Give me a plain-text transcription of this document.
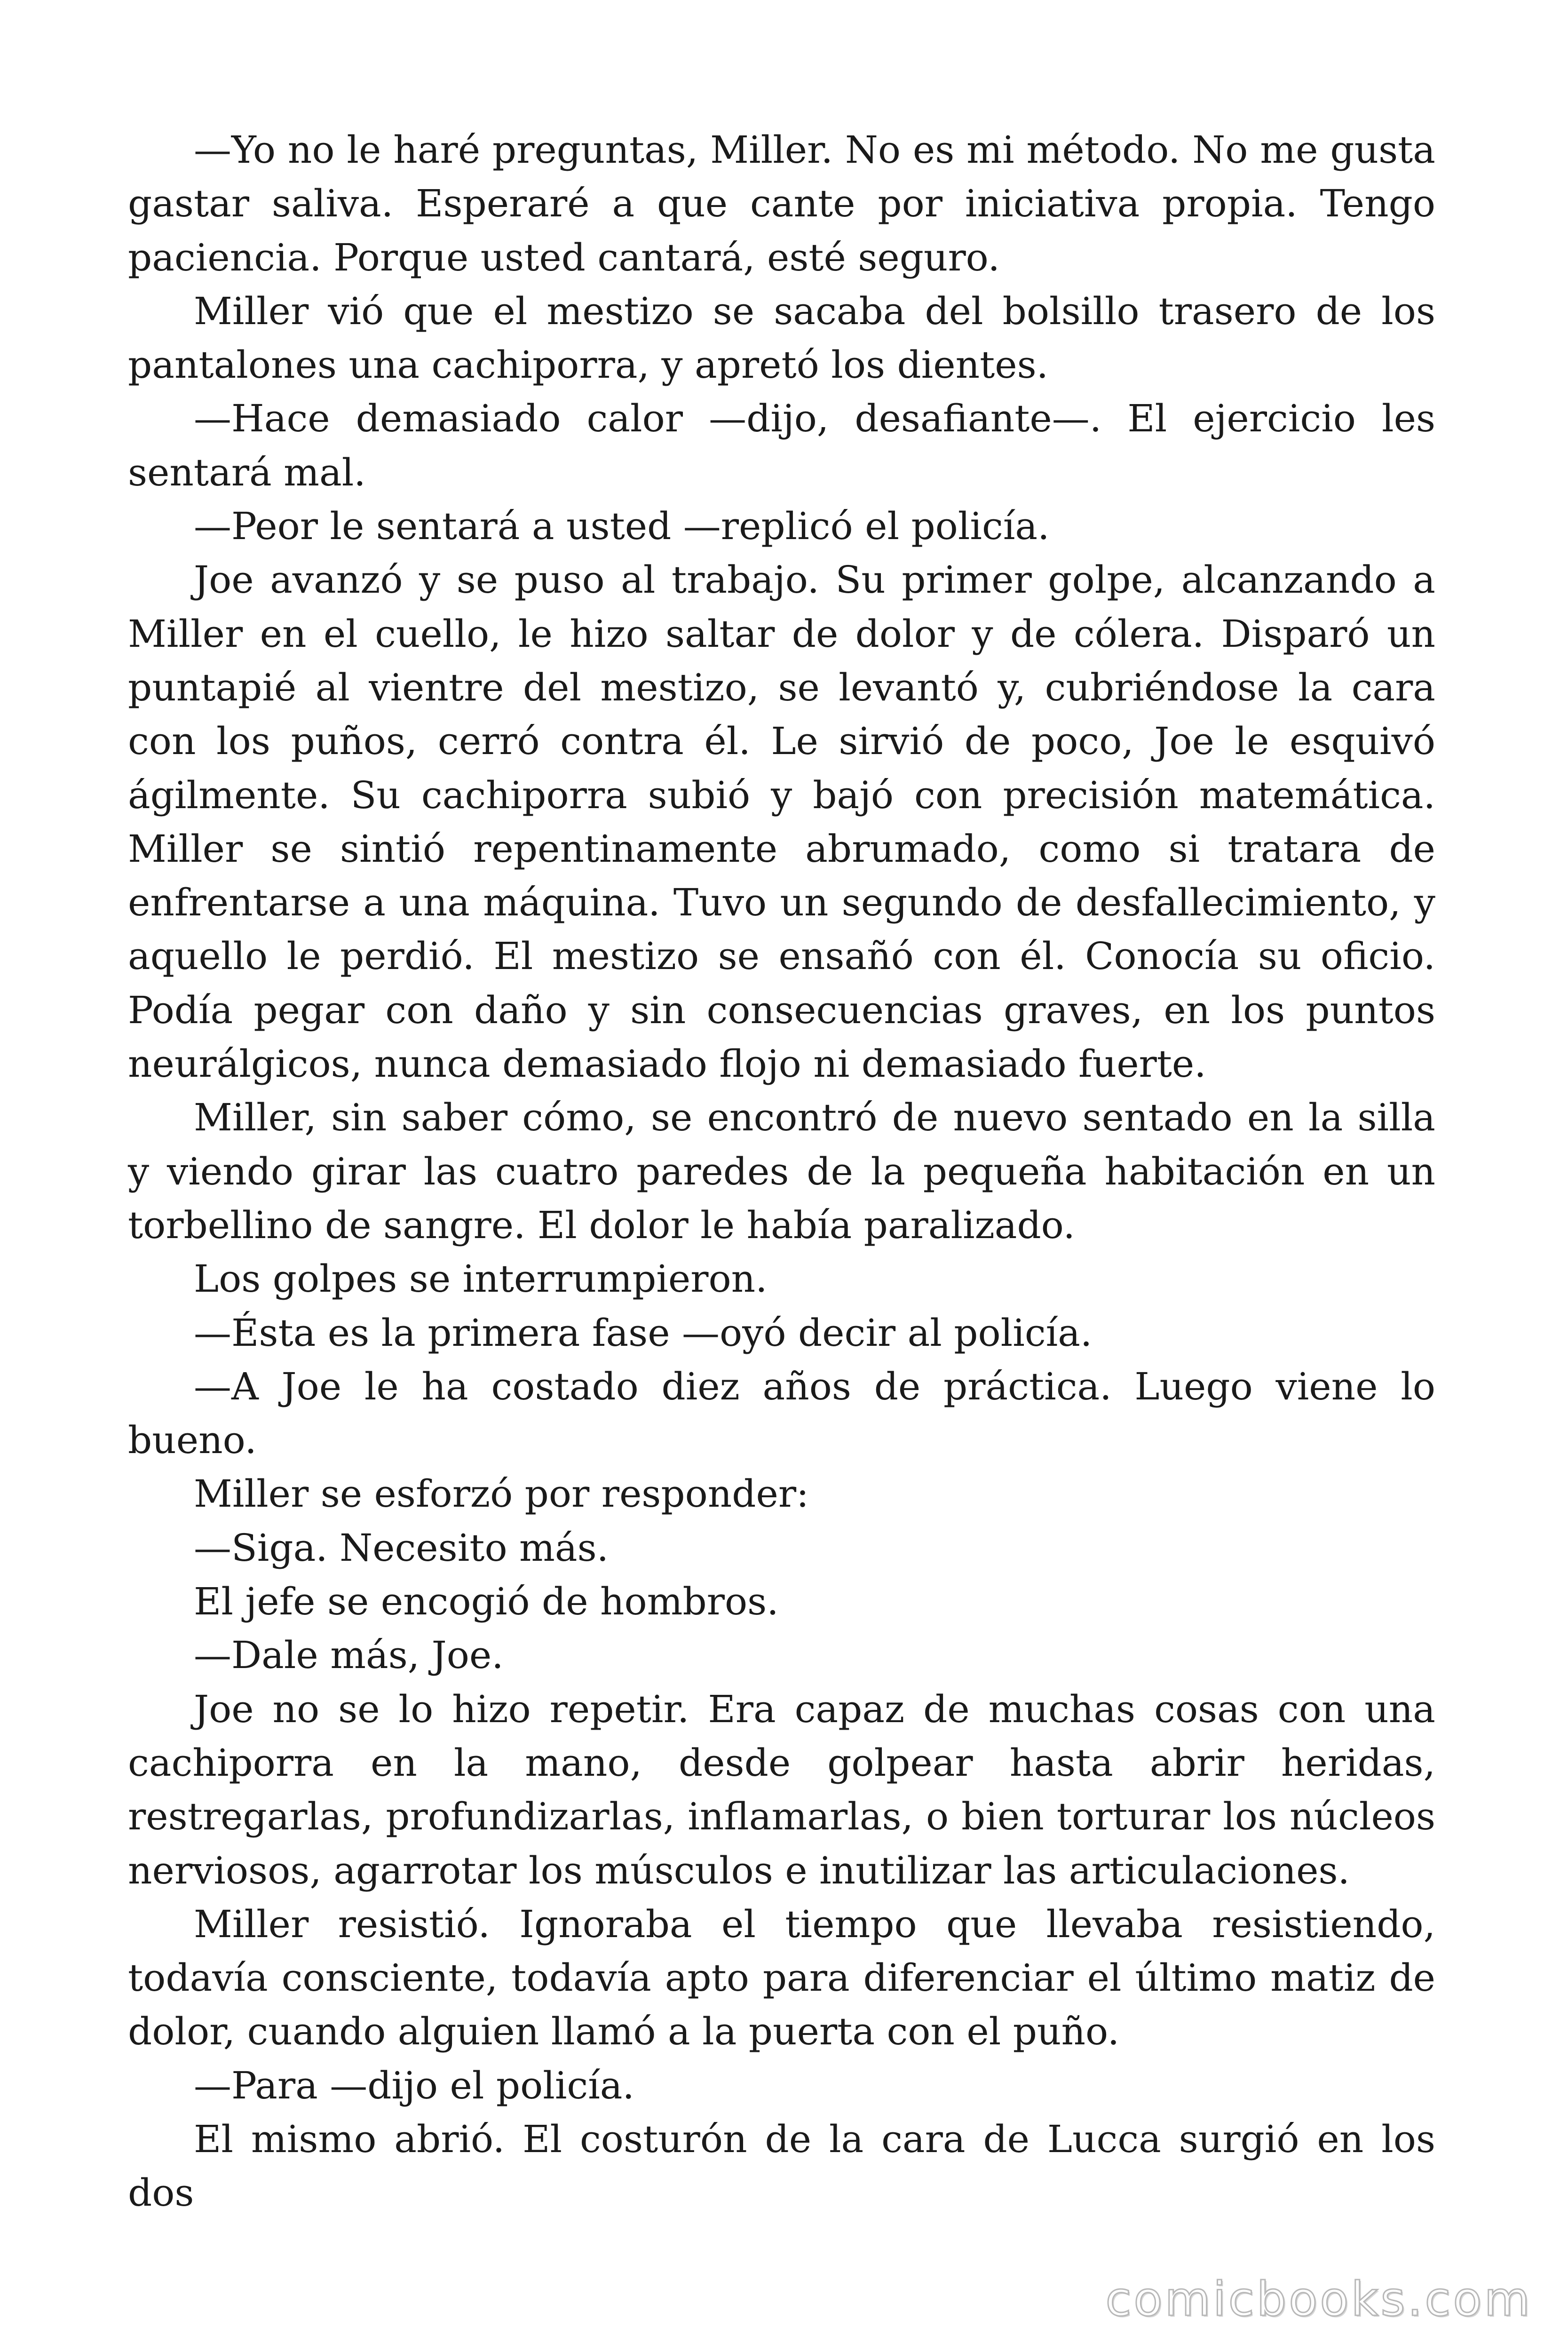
—Yo no le haré preguntas, Miller. No es mi método. No me gusta gastar saliva. Esperaré a que cante por iniciativa propia. Tengo paciencia. Porque usted cantará, esté seguro.

Miller vió que el mestizo se sacaba del bolsillo trasero de los pantalones una cachiporra, y apretó los dientes.

—Hace demasiado calor —dijo, desafiante—. El ejercicio les sentará mal.

—Peor le sentará a usted —replicó el policía.

Joe avanzó y se puso al trabajo. Su primer golpe, alcanzando a Miller en el cuello, le hizo saltar de dolor y de cólera. Disparó un puntapié al vientre del mestizo, se levantó y, cubriéndose la cara con los puños, cerró contra él. Le sirvió de poco, Joe le esquivó ágilmente. Su cachiporra subió y bajó con precisión matemática. Miller se sintió repentinamente abrumado, como si tratara de enfrentarse a una máquina. Tuvo un segundo de desfallecimiento, y aquello le perdió. El mestizo se ensañó con él. Conocía su oficio. Podía pegar con daño y sin consecuencias graves, en los puntos neurálgicos, nunca demasiado flojo ni demasiado fuerte.

Miller, sin saber cómo, se encontró de nuevo sentado en la silla y viendo girar las cuatro paredes de la pequeña habitación en un torbellino de sangre. El dolor le había paralizado.

Los golpes se interrumpieron.

—Ésta es la primera fase —oyó decir al policía.

—A Joe le ha costado diez años de práctica. Luego viene lo bueno.

Miller se esforzó por responder:

—Siga. Necesito más.

El jefe se encogió de hombros.

—Dale más, Joe.

Joe no se lo hizo repetir. Era capaz de muchas cosas con una cachiporra en la mano, desde golpear hasta abrir heridas, restregarlas, profundizarlas, inflamarlas, o bien torturar los núcleos nerviosos, agarrotar los músculos e inutilizar las articulaciones.

Miller resistió. Ignoraba el tiempo que llevaba resistiendo, todavía consciente, todavía apto para diferenciar el último matiz de dolor, cuando alguien llamó a la puerta con el puño.

—Para —dijo el policía.

El mismo abrió. El costurón de la cara de Lucca surgió en los dos

comicbooks.com
